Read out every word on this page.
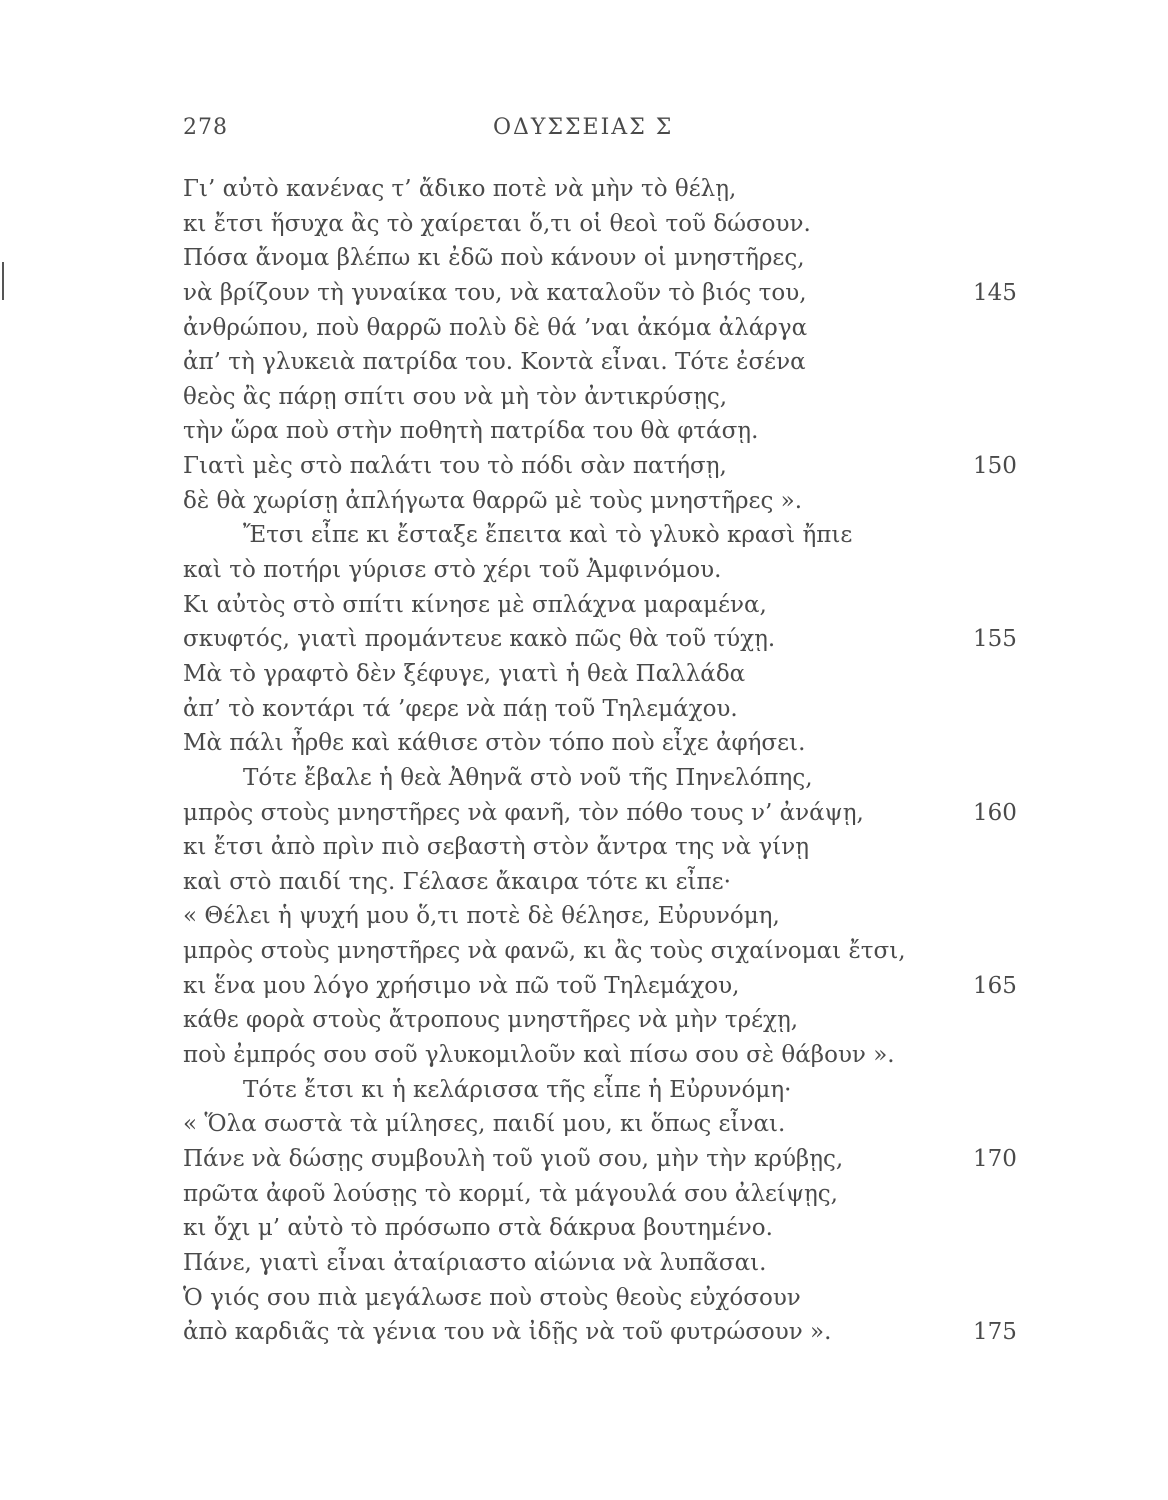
278	ΟΔΥΣΣΕΙΑΣ Σ
Γι’ αὐτὸ κανένας τ’ ἄδικο ποτὲ νὰ μὴν τὸ θέλῃ,
κι ἔτσι ἥσυχα ἂς τὸ χαίρεται ὅ,τι οἱ θεοὶ τοῦ δώσουν.
Πόσα ἄνομα βλέπω κι ἐδῶ ποὺ κάνουν οἱ μνηστῆρες,
νὰ βρίζουν τὴ γυναίκα του, νὰ καταλοῦν τὸ βιός του,	145
ἀνθρώπου, ποὺ θαρρῶ πολὺ δὲ θά ’ναι ἀκόμα ἀλάργα
ἀπ’ τὴ γλυκειὰ πατρίδα του. Κοντὰ εἶναι. Τότε ἐσένα
θεὸς ἂς πάρῃ σπίτι σου νὰ μὴ τὸν ἀντικρύσῃς,
τὴν ὥρα ποὺ στὴν ποθητὴ πατρίδα του θὰ φτάσῃ.
Γιατὶ μὲς στὸ παλάτι του τὸ πόδι σὰν πατήσῃ,	150
δὲ θὰ χωρίσῃ ἀπλήγωτα θαρρῶ μὲ τοὺς μνηστῆρες ».
Ἔτσι εἶπε κι ἔσταξε ἔπειτα καὶ τὸ γλυκὸ κρασὶ ἤπιε
καὶ τὸ ποτήρι γύρισε στὸ χέρι τοῦ Ἀμφινόμου.
Κι αὐτὸς στὸ σπίτι κίνησε μὲ σπλάχνα μαραμένα,
σκυφτός, γιατὶ προμάντευε κακὸ πῶς θὰ τοῦ τύχῃ.	155
Μὰ τὸ γραφτὸ δὲν ξέφυγε, γιατὶ ἡ θεὰ Παλλάδα
ἀπ’ τὸ κοντάρι τά ’φερε νὰ πάῃ τοῦ Τηλεμάχου.
Μὰ πάλι ἦρθε καὶ κάθισε στὸν τόπο ποὺ εἶχε ἀφήσει.
Τότε ἔβαλε ἡ θεὰ Ἀθηνᾶ στὸ νοῦ τῆς Πηνελόπης,
μπρὸς στοὺς μνηστῆρες νὰ φανῆ, τὸν πόθο τους ν’ ἀνάψῃ,	160
κι ἔτσι ἀπὸ πρὶν πιὸ σεβαστὴ στὸν ἄντρα της νὰ γίνῃ
καὶ στὸ παιδί της. Γέλασε ἄκαιρα τότε κι εἶπε·
« Θέλει ἡ ψυχή μου ὅ,τι ποτὲ δὲ θέλησε, Εὐρυνόμη,
μπρὸς στοὺς μνηστῆρες νὰ φανῶ, κι ἂς τοὺς σιχαίνομαι ἔτσι,
κι ἕνα μου λόγο χρήσιμο νὰ πῶ τοῦ Τηλεμάχου,	165
κάθε φορὰ στοὺς ἄτροπους μνηστῆρες νὰ μὴν τρέχῃ,
ποὺ ἐμπρός σου σοῦ γλυκομιλοῦν καὶ πίσω σου σὲ θάβουν ».
Τότε ἔτσι κι ἡ κελάρισσα τῆς εἶπε ἡ Εὐρυνόμη·
« Ὅλα σωστὰ τὰ μίλησες, παιδί μου, κι ὅπως εἶναι.
Πάνε νὰ δώσῃς συμβουλὴ τοῦ γιοῦ σου, μὴν τὴν κρύβῃς,	170
πρῶτα ἀφοῦ λούσῃς τὸ κορμί, τὰ μάγουλά σου ἀλείψῃς,
κι ὄχι μ’ αὐτὸ τὸ πρόσωπο στὰ δάκρυα βουτημένο.
Πάνε, γιατὶ εἶναι ἀταίριαστο αἰώνια νὰ λυπᾶσαι.
Ὁ γιός σου πιὰ μεγάλωσε ποὺ στοὺς θεοὺς εὐχόσουν
ἀπὸ καρδιᾶς τὰ γένια του νὰ ἰδῇς νὰ τοῦ φυτρώσουν ».	175
